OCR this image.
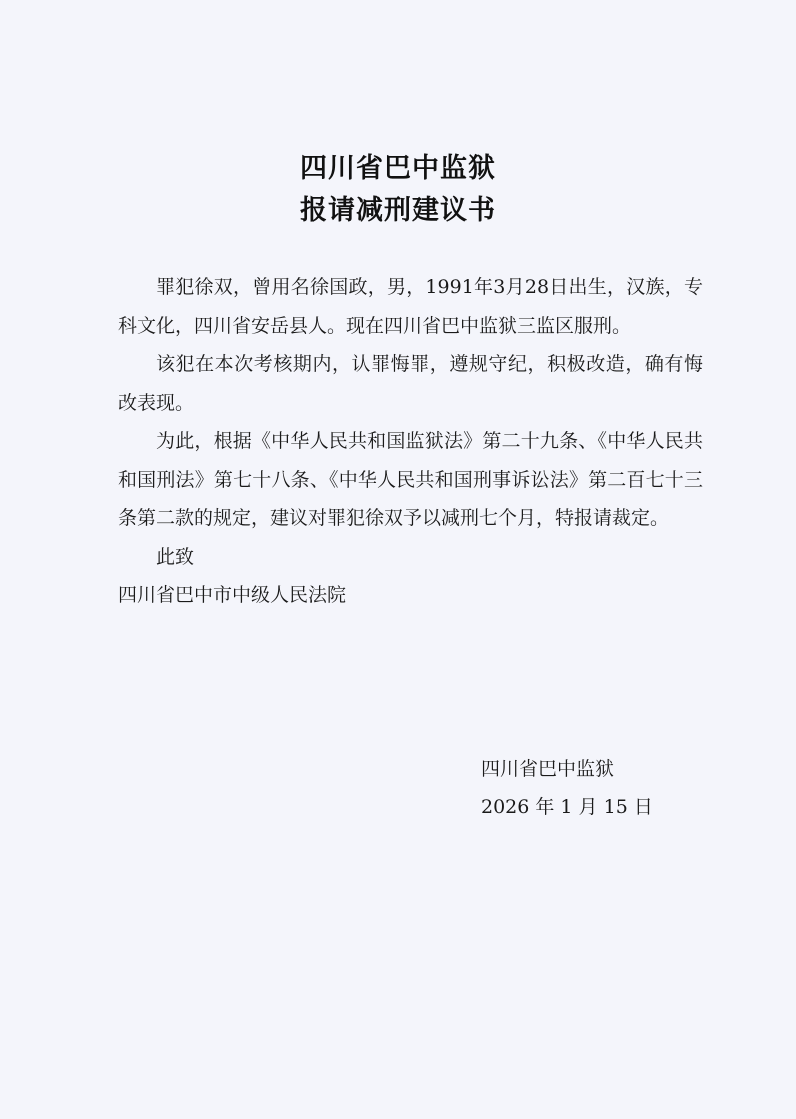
四川省巴中监狱
报请减刑建议书

罪犯徐双，曾用名徐国政，男，1991年3月28日出生，汉族，专科文化，四川省安岳县人。现在四川省巴中监狱三监区服刑。

该犯在本次考核期内，认罪悔罪，遵规守纪，积极改造，确有悔改表现。

为此，根据《中华人民共和国监狱法》第二十九条、《中华人民共和国刑法》第七十八条、《中华人民共和国刑事诉讼法》第二百七十三条第二款的规定，建议对罪犯徐双予以减刑七个月，特报请裁定。

此致

四川省巴中市中级人民法院

四川省巴中监狱
2026 年 1 月 15 日
